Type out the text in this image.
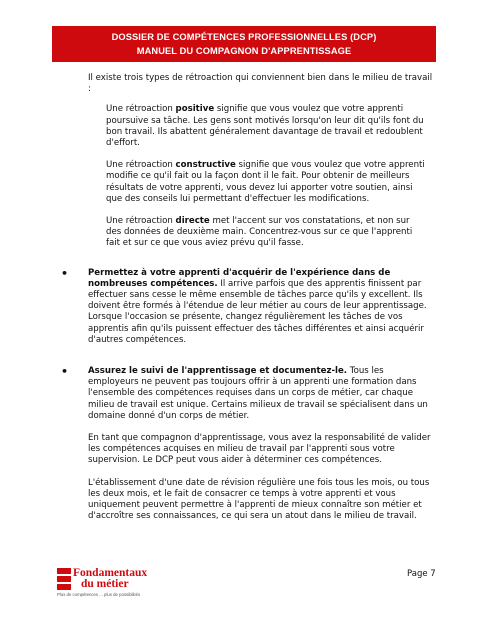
DOSSIER DE COMPÉTENCES PROFESSIONNELLES (DCP)
MANUEL DU COMPAGNON D'APPRENTISSAGE

Il existe trois types de rétroaction qui conviennent bien dans le milieu de travail :

Une rétroaction positive signifie que vous voulez que votre apprenti poursuive sa tâche. Les gens sont motivés lorsqu'on leur dit qu'ils font du bon travail. Ils abattent généralement davantage de travail et redoublent d'effort.

Une rétroaction constructive signifie que vous voulez que votre apprenti modifie ce qu'il fait ou la façon dont il le fait. Pour obtenir de meilleurs résultats de votre apprenti, vous devez lui apporter votre soutien, ainsi que des conseils lui permettant d'effectuer les modifications.

Une rétroaction directe met l'accent sur vos constatations, et non sur des données de deuxième main. Concentrez-vous sur ce que l'apprenti fait et sur ce que vous aviez prévu qu'il fasse.

• Permettez à votre apprenti d'acquérir de l'expérience dans de nombreuses compétences. Il arrive parfois que des apprentis finissent par effectuer sans cesse le même ensemble de tâches parce qu'ils y excellent. Ils doivent être formés à l'étendue de leur métier au cours de leur apprentissage. Lorsque l'occasion se présente, changez régulièrement les tâches de vos apprentis afin qu'ils puissent effectuer des tâches différentes et ainsi acquérir d'autres compétences.

• Assurez le suivi de l'apprentissage et documentez-le. Tous les employeurs ne peuvent pas toujours offrir à un apprenti une formation dans l'ensemble des compétences requises dans un corps de métier, car chaque milieu de travail est unique. Certains milieux de travail se spécialisent dans un domaine donné d'un corps de métier.

En tant que compagnon d'apprentissage, vous avez la responsabilité de valider les compétences acquises en milieu de travail par l'apprenti sous votre supervision. Le DCP peut vous aider à déterminer ces compétences.

L'établissement d'une date de révision régulière une fois tous les mois, ou tous les deux mois, et le fait de consacrer ce temps à votre apprenti et vous uniquement peuvent permettre à l'apprenti de mieux connaître son métier et d'accroître ses connaissances, ce qui sera un atout dans le milieu de travail.

Fondamentaux
du métier
Plus de compétences ... plus de possibilités
Page 7
